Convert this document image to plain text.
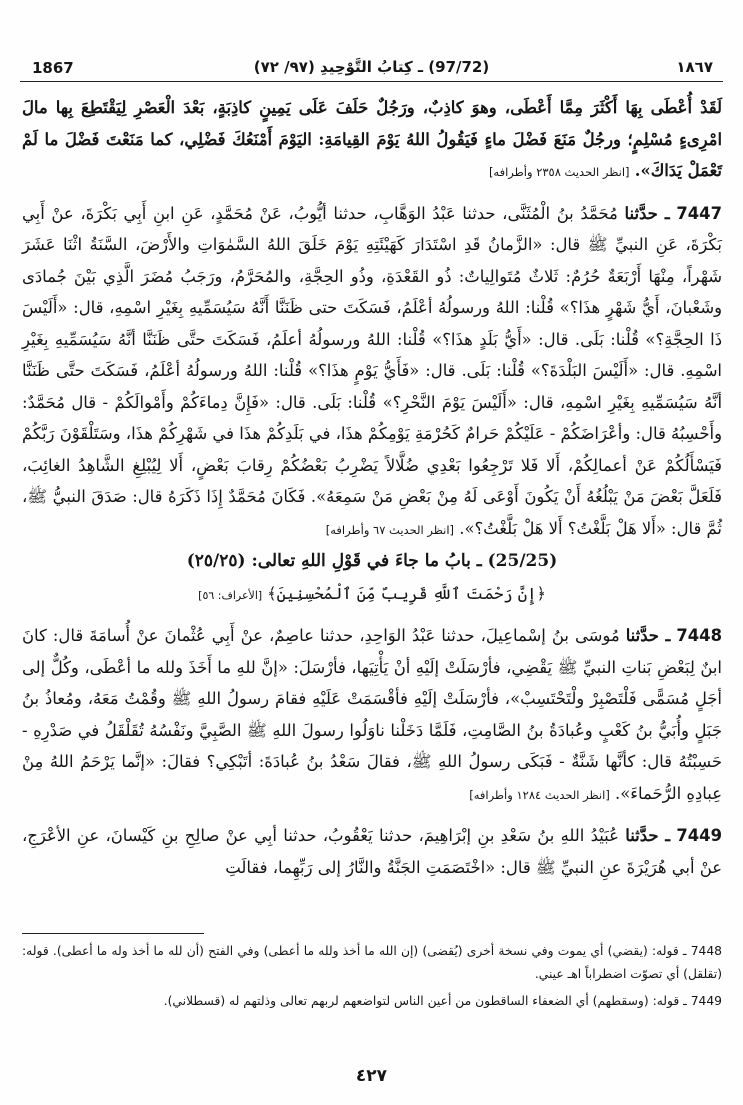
1867	(97/72) ـ كِتابُ التَّوْحِيدِ (٩٧/ ٧٢)	١٨٦٧

لَقَدْ أُعْطَى بِهَا أَكْثَرَ مِمَّا أَعْطَى، وهوَ كاذِبٌ، ورَجُلٌ حَلَفَ عَلَى يَمِينٍ كاذِبَةٍ، بَعْدَ الْعَصْرِ لِيَقْتَطِعَ بِها مالَ امْرِىءٍ مُسْلِمٍ؛ ورجُلٌ مَنَعَ فَضْلَ ماءٍ فَيَقُولُ اللهُ يَوْمَ القِيامَةِ: اليَوْمَ أَمْنَعُكَ فَضْلِي، كما مَنَعْتَ فَضْلَ ما لَمْ تَعْمَلْ يَدَاكَ». [انظر الحديث ٢٣٥٨ وأطرافه]

7447 ـ حدَّثنا مُحَمَّدُ بنُ الْمُثَنَّى، حدثنا عَبْدُ الوَهَّابِ، حدثنا أيُّوبُ، عَنْ مُحَمَّدٍ، عَنِ ابنِ أَبِي بَكْرَةَ، عنْ أَبِي بَكْرَةَ، عَنِ النبيِّ ﷺ قال: «الزَّمانُ قَدِ اسْتَدَارَ كَهَيْئَتِهِ يَوْمَ خَلَقَ اللهُ السَّمٰوَاتِ والأَرْضَ، السَّنَةُ اثْنَا عَشَرَ شَهْراً، مِنْهَا أَرْبَعَةٌ حُرُمٌ: ثَلاثٌ مُتَوالِياتٌ: ذُو القَعْدَةِ، وذُو الحِجَّةِ، والمُحَرَّمُ، ورَجَبُ مُضَرَ الَّذِي بَيْنَ جُمادَى وشَعْبانَ، أَيُّ شَهْرٍ هذَا؟» قُلْنا: اللهُ ورسولُهُ أعْلَمُ، فَسَكَتَ حتى ظَنَنَّا أَنَّهُ سَيُسَمِّيهِ بِغَيْرِ اسْمِهِ، قال: «أَلَيْسَ ذَا الحِجَّةِ؟» قُلْنا: بَلَى. قال: «أَيُّ بَلَدٍ هذَا؟» قُلْنا: اللهُ ورسولُهُ أعلَمُ، فَسَكَتَ حتَّى ظَنَنَّا أنَّهُ سَيُسَمِّيهِ بِغَيْرِ اسْمِهِ. قال: «أَلَيْسَ البَلْدَةَ؟» قُلْنا: بَلَى. قال: «فَأَيُّ يَوْمٍ هذَا؟» قُلْنا: اللهُ ورسولُهُ أعْلَمُ، فَسَكَتَ حتَّى ظَنَنَّا أنَّهُ سَيُسَمِّيهِ بِغَيْرِ اسْمِهِ، قال: «أَلَيْسَ يَوْمَ النَّحْرِ؟» قُلْنا: بَلَى. قال: «فَإِنَّ دِماءَكُمْ وأَمْوالَكُمْ - قال مُحَمَّدٌ: وأَحْسِبُهُ قال: وأعْرَاضَكُمْ - عَلَيْكُمْ حَرامٌ كَحُرْمَةِ يَوْمِكُمْ هذَا، في بَلَدِكُمْ هذَا في شَهْرِكُمْ هذَا، وسَتَلْقَوْنَ رَبَّكُمْ فَيَسْأَلُكُمْ عَنْ أعمالِكُمْ، أَلا فَلا تَرْجِعُوا بَعْدِي ضُلَّالاً يَضْرِبُ بَعْضُكُمْ رِقابَ بَعْضٍ، أَلا لِيُبْلِغِ الشَّاهِدُ الغائِبَ، فَلَعَلَّ بَعْضَ مَنْ يَبْلُغُهُ أَنْ يَكُونَ أَوْعَى لَهُ مِنْ بَعْضِ مَنْ سَمِعَهُ». فَكَانَ مُحَمَّدٌ إِذَا ذَكَرَهُ قال: صَدَقَ النبيُّ ﷺ، ثُمَّ قال: «أَلا هَلْ بَلَّغْتُ؟ أَلا هَلْ بَلَّغْتُ؟». [انظر الحديث ٦٧ وأطرافه]

(25/25) ـ بابُ ما جاءَ في قَوْلِ اللهِ تعالى: (٢٥/٢٥)

﴿إِنَّ رَحْمَتَ ٱللَّهِ قَرِيبٌ مِّنَ ٱلْمُحْسِنِينَ﴾ [الأعراف: ٥٦]

7448 ـ حدَّثنا مُوسَى بنُ إسْماعِيلَ، حدثنا عَبْدُ الوَاحِدِ، حدثنا عاصِمٌ، عنْ أَبِي عُثْمانَ عنْ أُسامَةَ قال: كانَ ابنٌ لِبَعْضِ بَناتِ النبيِّ ﷺ يَقْضِي، فأرْسَلَتْ إلَيْهِ أنْ يَأْتِيَها، فأرْسَلَ: «إنَّ للهِ ما أَخَذَ ولله ما أعْطَى، وكُلٌّ إلى أجَلٍ مُسَمًّى فَلْتَصْبِرْ ولْتَحْتَسِبْ»، فأرْسَلَتْ إلَيْهِ فأقْسَمَتْ عَلَيْهِ فقامَ رسولُ اللهِ ﷺ وقُمْتُ مَعَهُ، ومُعاذُ بنُ جَبَلٍ وأُبَيُّ بنُ كَعْبٍ وعُبادَةُ بنُ الصَّامِتِ، فَلَمَّا دَخَلْنا ناوَلُوا رسولَ اللهِ ﷺ الصَّبِيَّ ونَفْسُهُ تُقَلْقَلُ في صَدْرِهِ - حَسِبْتُهُ قال: كأنَّها شَنَّةٌ - فَبَكَى رسولُ اللهِ ﷺ، فقالَ سَعْدُ بنُ عُبادَةَ: أتَبْكِي؟ فقالَ: «إنَّما يَرْحَمُ اللهُ مِنْ عِبادِهِ الرُّحَماءَ». [انظر الحديث ١٢٨٤ وأطرافه]

7449 ـ حدَّثنا عُبَيْدُ اللهِ بنُ سَعْدِ بنِ إبْرَاهِيمَ، حدثنا يَعْقُوبُ، حدثنا أبِي عنْ صالِحِ بنِ كَيْسانَ، عنِ الأعْرَجِ، عنْ أبي هُرَيْرَةَ عنِ النبيِّ ﷺ قال: «اخْتَصَمَتِ الجَنَّةُ والنَّارُ إلى رَبِّهِما، فقالَتِ

7448 ـ قوله: (يقضي) أي يموت وفي نسخة أخرى (يُقضى) (إن الله ما أخذ ولله ما أعطى) وفي الفتح (أن لله ما أخذ وله ما أعطى). قوله: (تقلقل) أي تصوّت اضطراباً اهـ عيني.

7449 ـ قوله: (وسقطهم) أي الضعفاء الساقطون من أعين الناس لتواضعهم لربهم تعالى وذلتهم له (قسطلاني).

٤٢٧
